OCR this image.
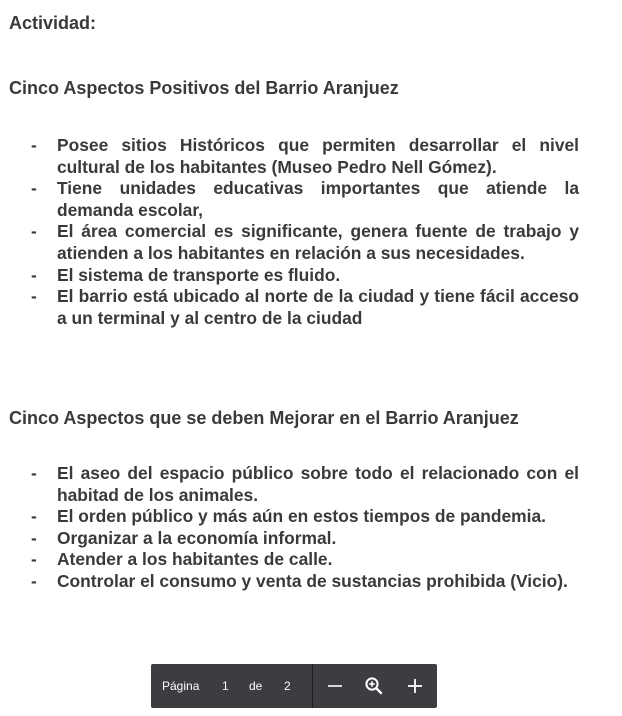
Actividad:
Cinco Aspectos Positivos del Barrio Aranjuez
- Posee sitios Históricos que permiten desarrollar el nivel cultural de los habitantes (Museo Pedro Nell Gómez).
- Tiene unidades educativas importantes que atiende la demanda escolar,
- El área comercial es significante, genera fuente de trabajo y atienden a los habitantes en relación a sus necesidades.
- El sistema de transporte es fluido.
- El barrio está ubicado al norte de la ciudad y tiene fácil acceso a un terminal y al centro de la ciudad
Cinco Aspectos que se deben Mejorar en el Barrio Aranjuez
- El aseo del espacio público sobre todo el relacionado con el habitad de los animales.
- El orden público y más aún en estos tiempos de pandemia.
- Organizar a la economía informal.
- Atender a los habitantes de calle.
- Controlar el consumo y venta de sustancias prohibida (Vicio).
Página 1 de 2
